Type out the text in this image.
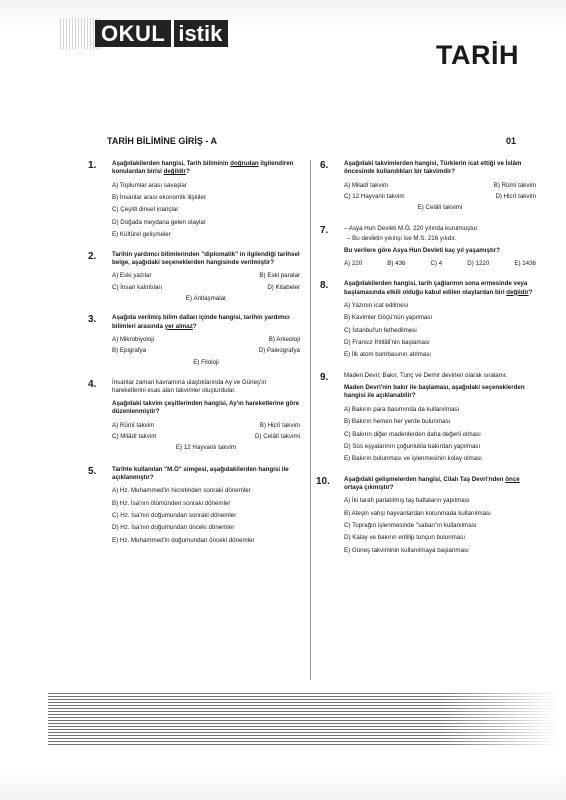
OKUL istik
TARİH
TARİH BİLİMİNE GİRİŞ - A	01
1.	Aşağıdakilerden hangisi, Tarih biliminin doğrudan ilgilendiren konulardan birisi değildir?
A) Toplumlar arası savaşlar
B) İnsanlar arası ekonomik ilişkiler
C) Çeşitli dinsel inançlar
D) Doğada meydana gelen olaylar
E) Kültürel gelişmeler
2.	Tarihin yardımcı bilimlerinden "diplomatik" in ilgilendiği tarihsel belge, aşağıdaki seçeneklerden hangisinde verilmiştir?
A) Eski yazılar	B) Eski paralar
C) İnsan kalıntıları	D) Kitabeler
E) Antlaşmalar
3.	Aşağıda verilmiş bilim dalları içinde hangisi, tarihin yardımcı bilimleri arasında yer almaz?
A) Mikrobiyoloji	B) Arkeoloji
B) Epigrafya	D) Paleografya
E) Filoloji
4.	İnsanlar zaman kavramına ulaştıklarında Ay ve Güneş'in hareketlerini esas alan takvimler oluşturdular.
Aşağıdaki takvim çeşitlerinden hangisi, Ay'ın hareketlerine göre düzenlenmiştir?
A) Rûmî takvim	B) Hicrî takvim
C) Milâdî takvim	D) Celâlî takvimi
E) 12 Hayvanlı takvim
5.	Tarihte kullanılan "M.Ö" simgesi, aşağıdakilerden hangisi ile açıklanmıştır?
A) Hz. Muhammed'in hicretinden sonraki dönemler
B) Hz. İsa'nın ölümünden sonraki dönemler
C) Hz. İsa'nın doğumundan sonraki dönemler
D) Hz. İsa'nın doğumundan önceki dönemler
E) Hz. Muhammed'in doğumundan önceki dönemler
6.	Aşağıdaki takvimlerden hangisi, Türklerin icat ettiği ve İslâm öncesinde kullandıkları bir takvimdir?
A) Miladî takvim	B) Rûmî takvim
C) 12 Hayvanlı takvim	D) Hicrî takvim
E) Celâlî takvimi
7.	– Asya Hun Devleti M.Ö. 220 yılında kurulmuştur.
– Bu devletin yıkılışı ise M.S. 216 yılıdır.
Bu verilere göre Asya Hun Devleti kaç yıl yaşamıştır?
A) 220	B) 436	C) 4	D) 1220	E) 1436
8.	Aşağıdakilerden hangisi, tarih çağlarının sona ermesinde veya başlamasında etkili olduğu kabul edilen olaylardan biri değildir?
A) Yazının icat edilmesi
B) Kavimler Göçü'nün yapılması
C) İstanbul'un fethedilmesi
D) Fransız İhtilâli'nin başlaması
E) İlk atom bombasının atılması
9.	Maden Devri; Bakır, Tunç ve Demir devirleri olarak sıralanır.
Maden Devri'nin bakır ile başlaması, aşağıdaki seçeneklerden hangisi ile açıklanabilir?
A) Bakırın para basımında da kullanılması
B) Bakırın hemen her yerde bulunması
C) Bakırın diğer madenlerden daha değerli olması
D) Süs eşyalarının çoğunlukla bakırdan yapılması
E) Bakırın bulunması ve işlenmesinin kolay olması
10. Aşağıdaki gelişmelerden hangisi, Cilalı Taş Devri'nden önce ortaya çıkmıştır?
A) İki tarafı parlatılmış taş baltaların yapılması
B) Ateşin vahşi hayvanlardan korunmada kullanılması
C) Toprağın işlenmesinde "saban"ın kullanılması
D) Kalay ve bakırın eritilip tunçun bulunması
E) Güneş takviminin kullanılmaya başlanması
